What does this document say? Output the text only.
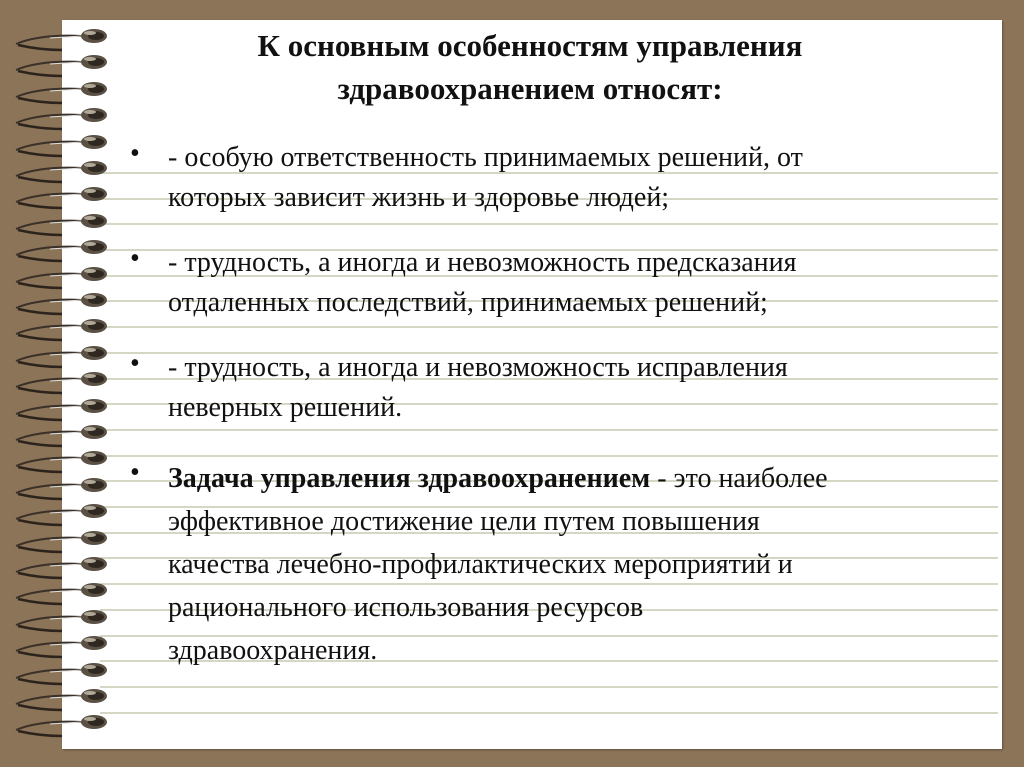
К основным особенностям управления
здравоохранением относят:
• - особую ответственность принимаемых решений, от
которых зависит жизнь и здоровье людей;
• - трудность, а иногда и невозможность предсказания
отдаленных последствий, принимаемых решений;
• - трудность, а иногда и невозможность исправления
неверных решений.
• Задача управления здравоохранением - это наиболее
эффективное достижение цели путем повышения
качества лечебно-профилактических мероприятий и
рационального использования ресурсов
здравоохранения.
